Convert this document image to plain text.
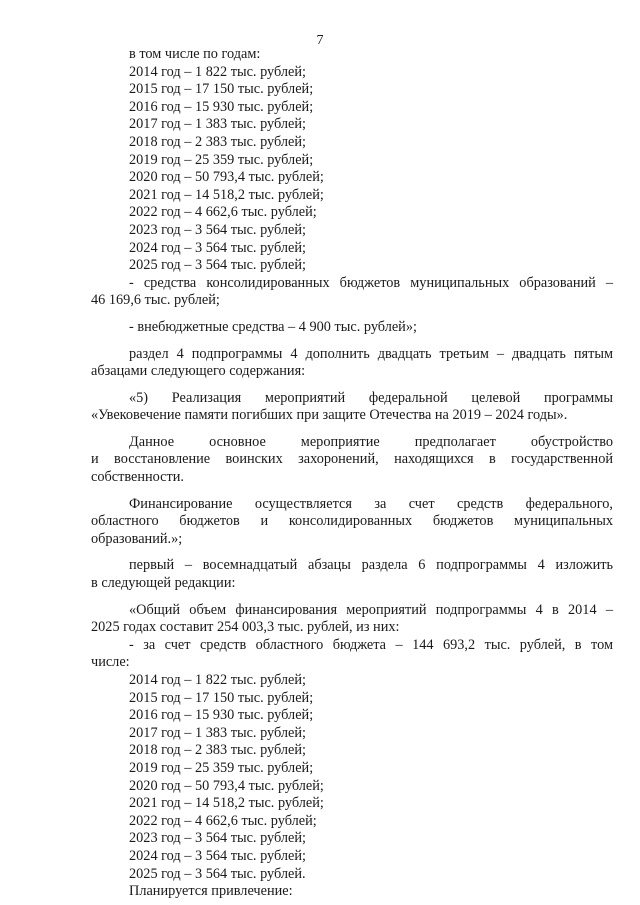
7

в том числе по годам:

2014 год – 1 822 тыс. рублей;

2015 год – 17 150 тыс. рублей;

2016 год – 15 930 тыс. рублей;

2017 год – 1 383 тыс. рублей;

2018 год – 2 383 тыс. рублей;

2019 год – 25 359 тыс. рублей;

2020 год – 50 793,4 тыс. рублей;

2021 год – 14 518,2 тыс. рублей;

2022 год – 4 662,6 тыс. рублей;

2023 год – 3 564 тыс. рублей;

2024 год – 3 564 тыс. рублей;

2025 год – 3 564 тыс. рублей;

- средства консолидированных бюджетов муниципальных образований –

46 169,6 тыс. рублей;

- внебюджетные средства – 4 900 тыс. рублей»;

раздел 4 подпрограммы 4 дополнить двадцать третьим – двадцать пятым

абзацами следующего содержания:

«5) Реализация мероприятий федеральной целевой программы

«Увековечение памяти погибших при защите Отечества на 2019 – 2024 годы».

Данное основное мероприятие предполагает обустройство

и восстановление воинских захоронений, находящихся в государственной

собственности.

Финансирование осуществляется за счет средств федерального,

областного бюджетов и консолидированных бюджетов муниципальных

образований.»;

первый – восемнадцатый абзацы раздела 6 подпрограммы 4 изложить

в следующей редакции:

«Общий объем финансирования мероприятий подпрограммы 4 в 2014 –

2025 годах составит 254 003,3 тыс. рублей, из них:

- за счет средств областного бюджета – 144 693,2 тыс. рублей, в том

числе:

2014 год – 1 822 тыс. рублей;

2015 год – 17 150 тыс. рублей;

2016 год – 15 930 тыс. рублей;

2017 год – 1 383 тыс. рублей;

2018 год – 2 383 тыс. рублей;

2019 год – 25 359 тыс. рублей;

2020 год – 50 793,4 тыс. рублей;

2021 год – 14 518,2 тыс. рублей;

2022 год – 4 662,6 тыс. рублей;

2023 год – 3 564 тыс. рублей;

2024 год – 3 564 тыс. рублей;

2025 год – 3 564 тыс. рублей.

Планируется привлечение:
